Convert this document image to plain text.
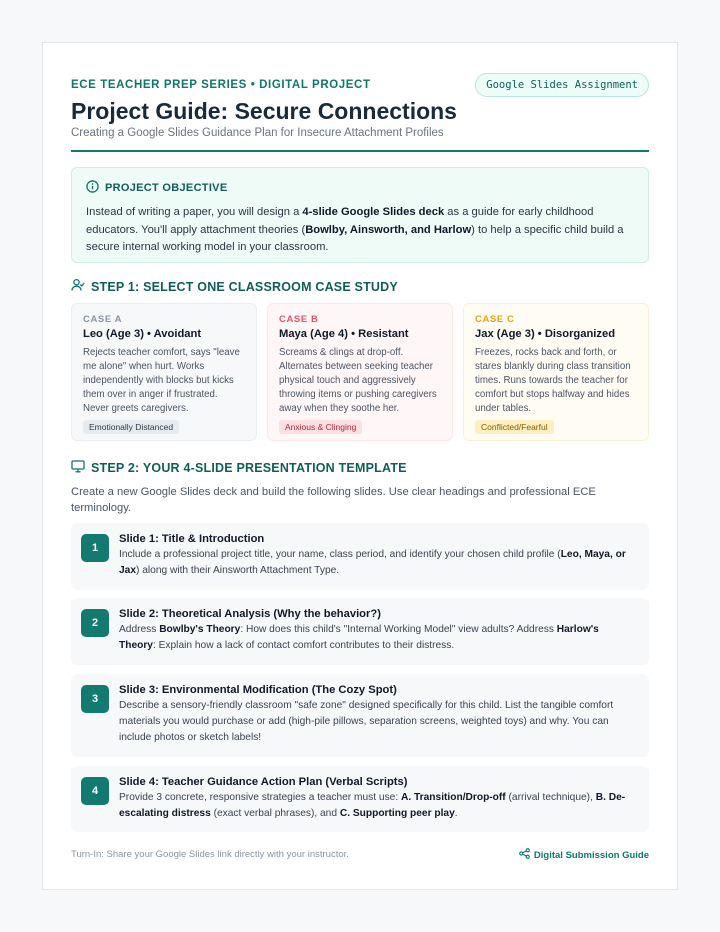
ECE TEACHER PREP SERIES • DIGITAL PROJECT	Google Slides Assignment
Project Guide: Secure Connections
Creating a Google Slides Guidance Plan for Insecure Attachment Profiles
PROJECT OBJECTIVE
Instead of writing a paper, you will design a 4-slide Google Slides deck as a guide for early childhood educators. You'll apply attachment theories (Bowlby, Ainsworth, and Harlow) to help a specific child build a secure internal working model in your classroom.
STEP 1: SELECT ONE CLASSROOM CASE STUDY
CASE A
Leo (Age 3) • Avoidant
Rejects teacher comfort, says "leave me alone" when hurt. Works independently with blocks but kicks them over in anger if frustrated. Never greets caregivers.
Emotionally Distanced
CASE B
Maya (Age 4) • Resistant
Screams & clings at drop-off. Alternates between seeking teacher physical touch and aggressively throwing items or pushing caregivers away when they soothe her.
Anxious & Clinging
CASE C
Jax (Age 3) • Disorganized
Freezes, rocks back and forth, or stares blankly during class transition times. Runs towards the teacher for comfort but stops halfway and hides under tables.
Conflicted/Fearful
STEP 2: YOUR 4-SLIDE PRESENTATION TEMPLATE
Create a new Google Slides deck and build the following slides. Use clear headings and professional ECE terminology.
1
Slide 1: Title & Introduction
Include a professional project title, your name, class period, and identify your chosen child profile (Leo, Maya, or Jax) along with their Ainsworth Attachment Type.
2
Slide 2: Theoretical Analysis (Why the behavior?)
Address Bowlby's Theory: How does this child's "Internal Working Model" view adults? Address Harlow's Theory: Explain how a lack of contact comfort contributes to their distress.
3
Slide 3: Environmental Modification (The Cozy Spot)
Describe a sensory-friendly classroom "safe zone" designed specifically for this child. List the tangible comfort materials you would purchase or add (high-pile pillows, separation screens, weighted toys) and why. You can include photos or sketch labels!
4
Slide 4: Teacher Guidance Action Plan (Verbal Scripts)
Provide 3 concrete, responsive strategies a teacher must use: A. Transition/Drop-off (arrival technique), B. De-escalating distress (exact verbal phrases), and C. Supporting peer play.
Turn-In: Share your Google Slides link directly with your instructor.	Digital Submission Guide
